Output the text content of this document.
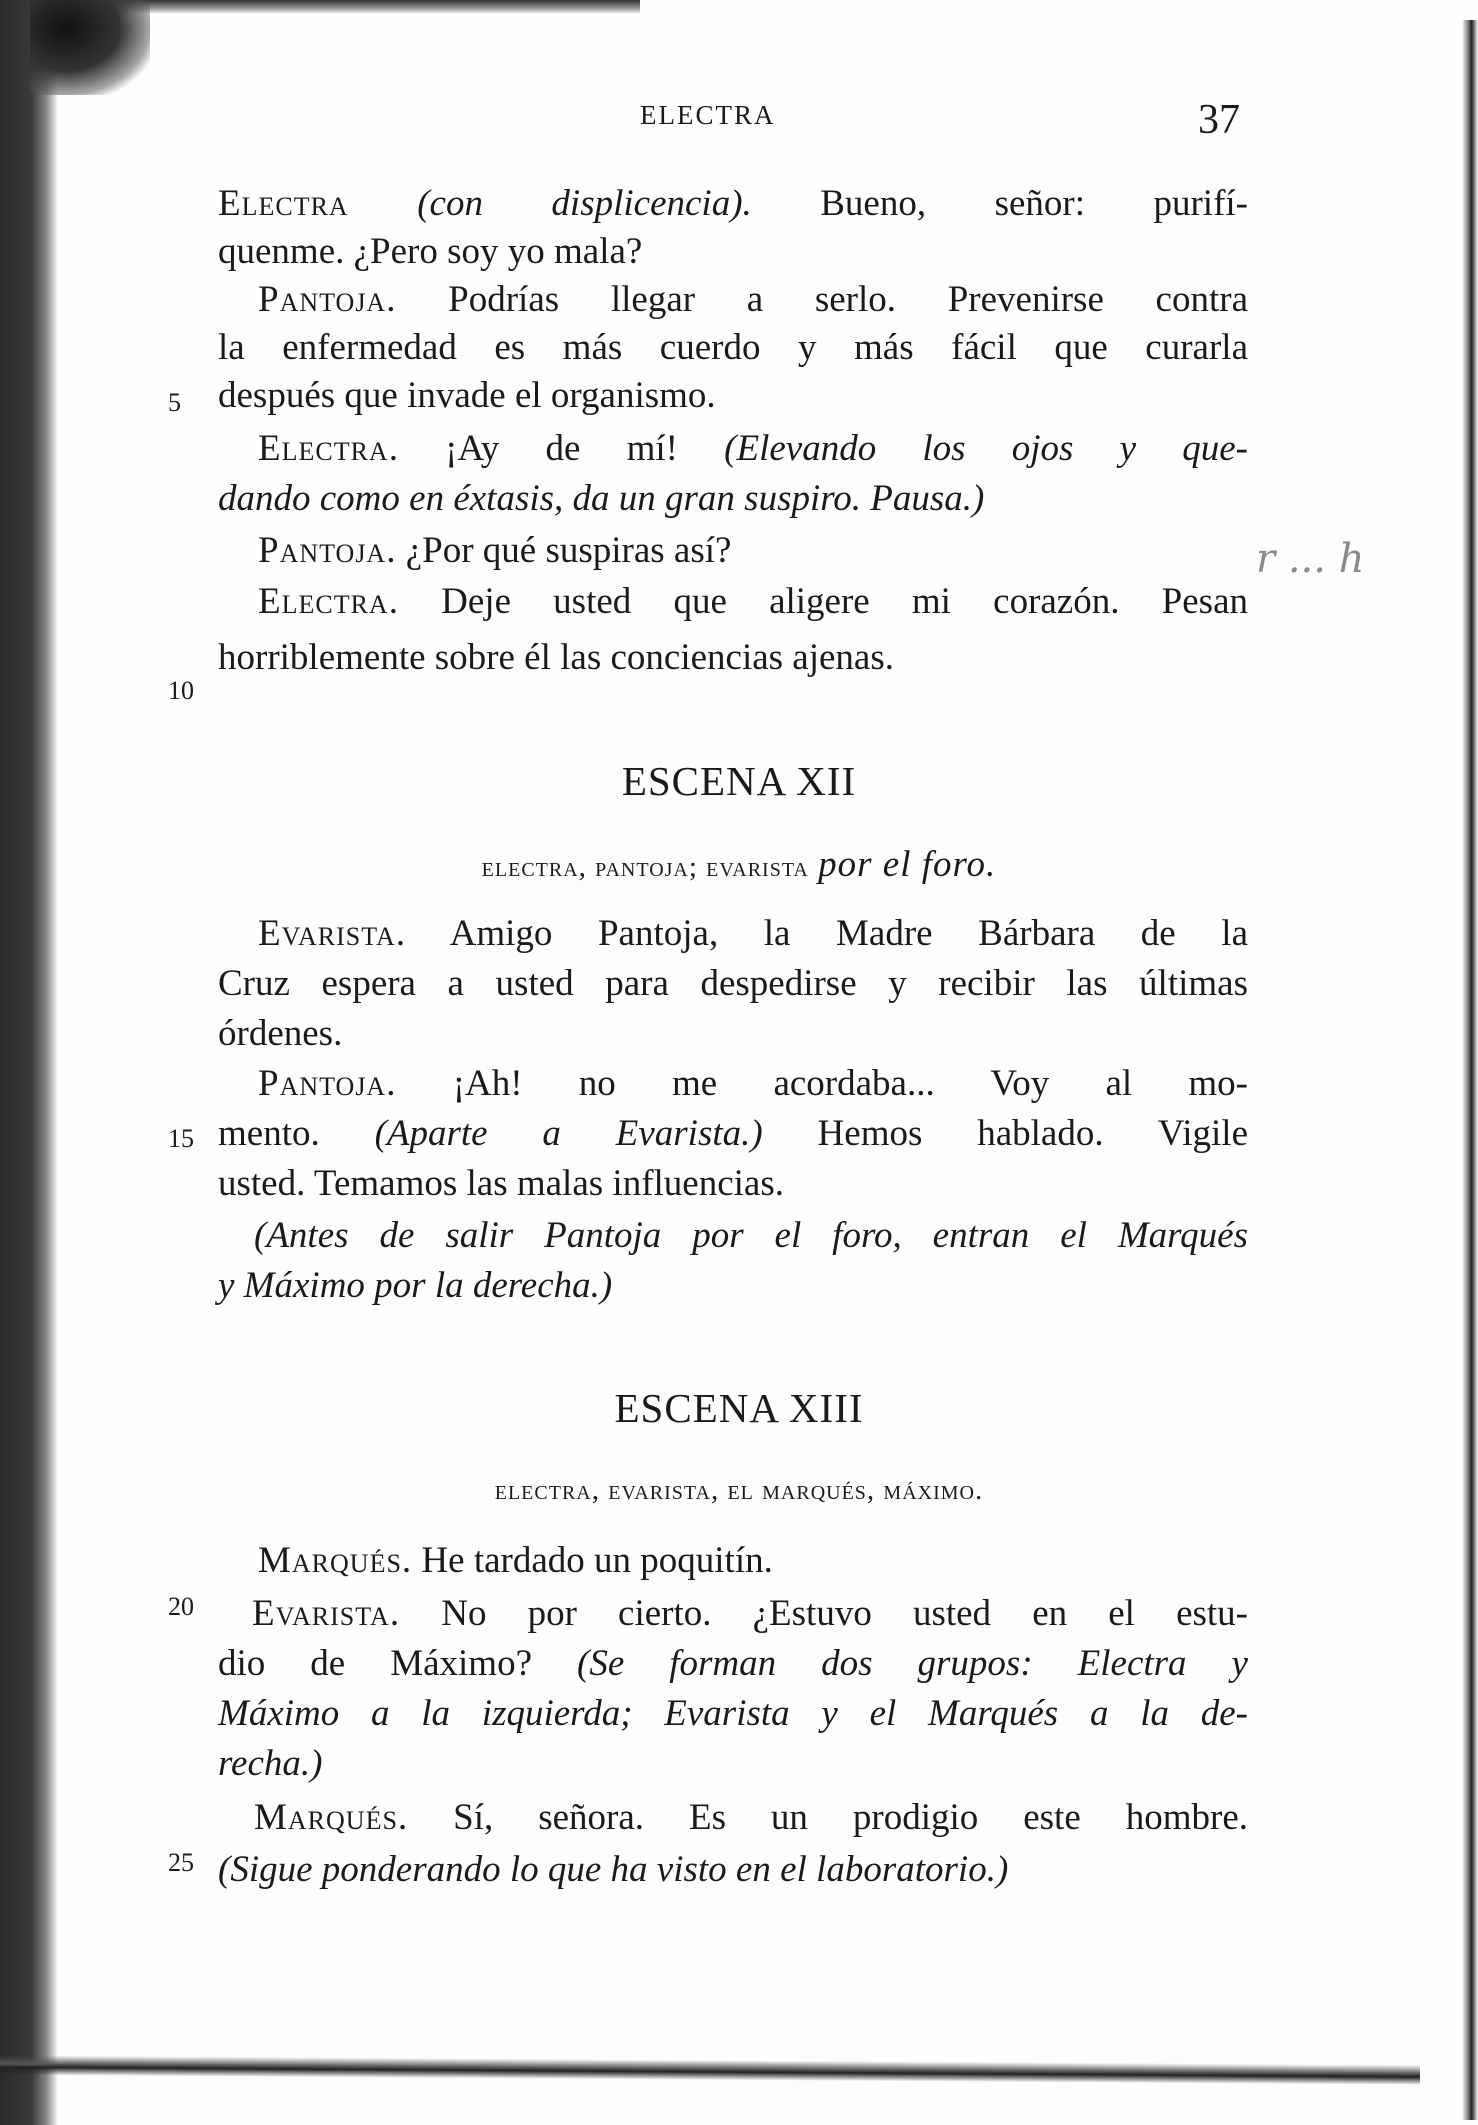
ELECTRA	37
Electra (con displicencia). Bueno, señor: purifí-
quenme. ¿Pero soy yo mala?
Pantoja. Podrías llegar a serlo. Prevenirse contra
la enfermedad es más cuerdo y más fácil que curarla
después que invade el organismo.
5
Electra. ¡Ay de mí! (Elevando los ojos y que-
dando como en éxtasis, da un gran suspiro. Pausa.)
Pantoja. ¿Por qué suspiras así?
Electra. Deje usted que aligere mi corazón. Pesan
r ... h
horriblemente sobre él las conciencias ajenas.
10
ESCENA XII
electra, pantoja; evarista por el foro.
Evarista. Amigo Pantoja, la Madre Bárbara de la
Cruz espera a usted para despedirse y recibir las últimas
órdenes.
Pantoja. ¡Ah! no me acordaba... Voy al mo-
mento. (Aparte a Evarista.) Hemos hablado. Vigile
15
usted. Temamos las malas influencias.
(Antes de salir Pantoja por el foro, entran el Marqués
y Máximo por la derecha.)
ESCENA XIII
electra, evarista, el marqués, máximo.
Marqués. He tardado un poquitín.
Evarista. No por cierto. ¿Estuvo usted en el estu-
20
dio de Máximo? (Se forman dos grupos: Electra y
Máximo a la izquierda; Evarista y el Marqués a la de-
recha.)
Marqués. Sí, señora. Es un prodigio este hombre.
(Sigue ponderando lo que ha visto en el laboratorio.)
25
